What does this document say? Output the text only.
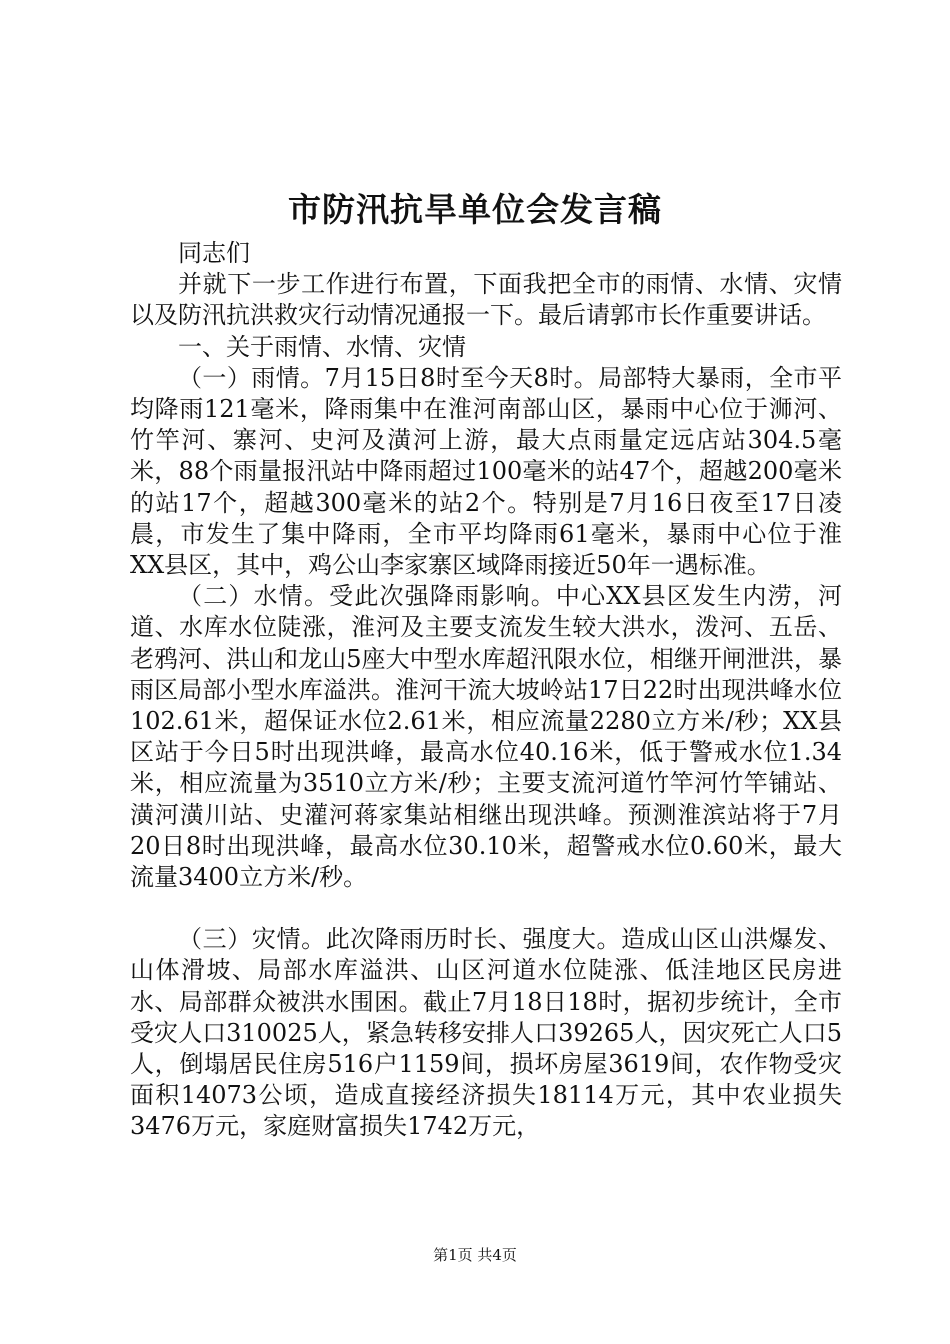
市防汛抗旱单位会发言稿

同志们

并就下一步工作进行布置，下面我把全市的雨情、水情、灾情以及防汛抗洪救灾行动情况通报一下。最后请郭市长作重要讲话。

一、关于雨情、水情、灾情

（一）雨情。7月15日8时至今天8时。局部特大暴雨，全市平均降雨121毫米，降雨集中在淮河南部山区，暴雨中心位于浉河、竹竿河、寨河、史河及潢河上游，最大点雨量定远店站304.5毫米，88个雨量报汛站中降雨超过100毫米的站47个，超越200毫米的站17个，超越300毫米的站2个。特别是7月16日夜至17日凌晨，市发生了集中降雨，全市平均降雨61毫米，暴雨中心位于淮XX县区，其中，鸡公山李家寨区域降雨接近50年一遇标准。

（二）水情。受此次强降雨影响。中心XX县区发生内涝，河道、水库水位陡涨，淮河及主要支流发生较大洪水，泼河、五岳、老鸦河、洪山和龙山5座大中型水库超汛限水位，相继开闸泄洪，暴雨区局部小型水库溢洪。淮河干流大坡岭站17日22时出现洪峰水位102.61米，超保证水位2.61米，相应流量2280立方米/秒；XX县区站于今日5时出现洪峰，最高水位40.16米，低于警戒水位1.34米，相应流量为3510立方米/秒；主要支流河道竹竿河竹竿铺站、潢河潢川站、史灌河蒋家集站相继出现洪峰。预测淮滨站将于7月20日8时出现洪峰，最高水位30.10米，超警戒水位0.60米，最大流量3400立方米/秒。

（三）灾情。此次降雨历时长、强度大。造成山区山洪爆发、山体滑坡、局部水库溢洪、山区河道水位陡涨、低洼地区民房进水、局部群众被洪水围困。截止7月18日18时，据初步统计，全市受灾人口310025人，紧急转移安排人口39265人，因灾死亡人口5人，倒塌居民住房516户1159间，损坏房屋3619间，农作物受灾面积14073公顷，造成直接经济损失18114万元，其中农业损失3476万元，家庭财富损失1742万元，

第1页 共4页
